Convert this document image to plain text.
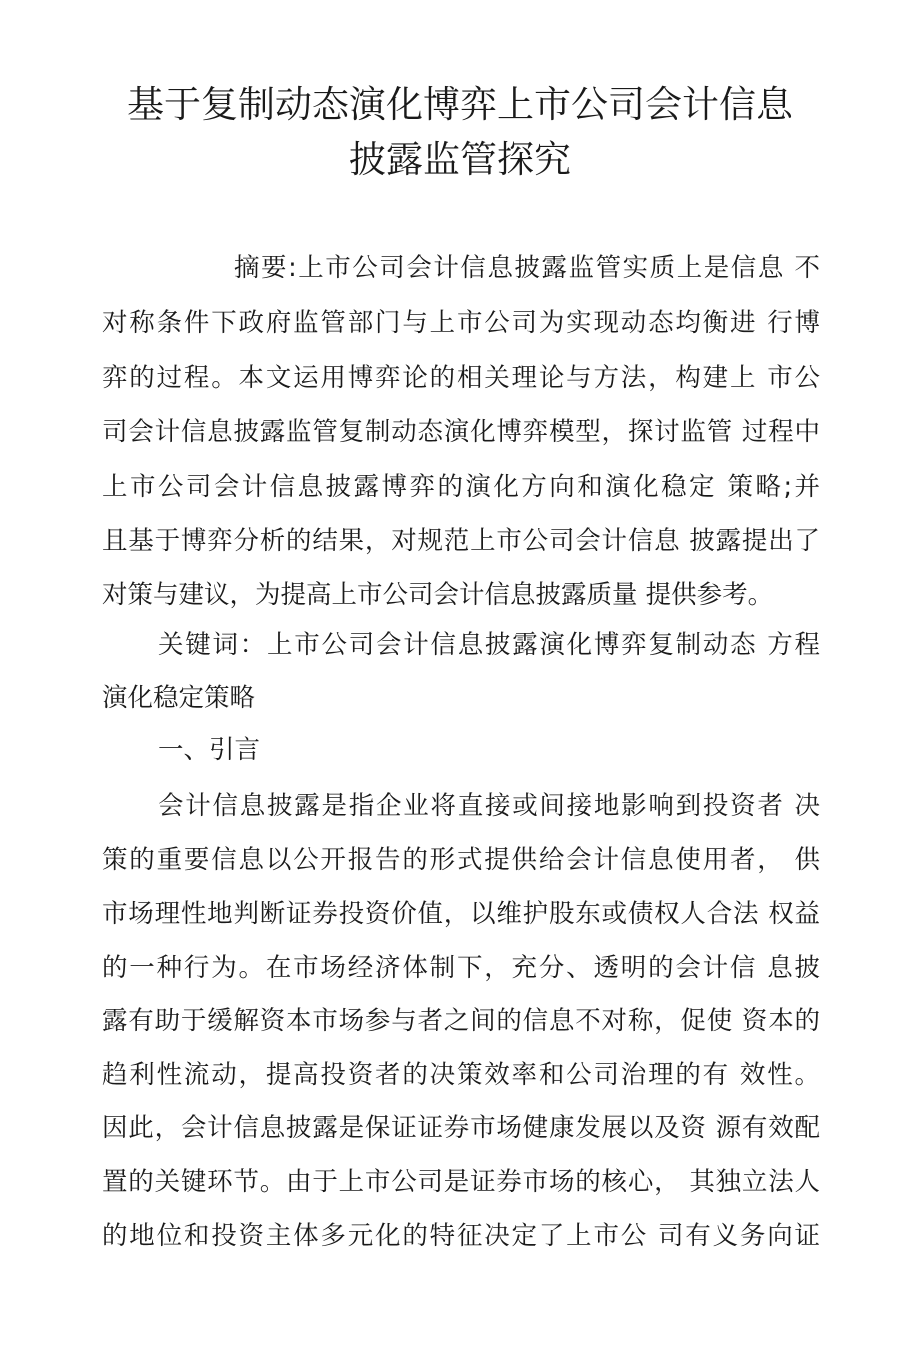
基于复制动态演化博弈上市公司会计信息
披露监管探究
摘要:上市公司会计信息披露监管实质上是信息 不
对称条件下政府监管部门与上市公司为实现动态均衡进 行博
弈的过程。本文运用博弈论的相关理论与方法，构建上 市公
司会计信息披露监管复制动态演化博弈模型，探讨监管 过程中
上市公司会计信息披露博弈的演化方向和演化稳定 策略;并
且基于博弈分析的结果，对规范上市公司会计信息 披露提出了
对策与建议，为提高上市公司会计信息披露质量 提供参考。
关键词：上市公司会计信息披露演化博弈复制动态 方程
演化稳定策略
一、引言
会计信息披露是指企业将直接或间接地影响到投资者 决
策的重要信息以公开报告的形式提供给会计信息使用者， 供
市场理性地判断证券投资价值，以维护股东或债权人合法 权益
的一种行为。在市场经济体制下，充分、透明的会计信 息披
露有助于缓解资本市场参与者之间的信息不对称，促使 资本的
趋利性流动，提高投资者的决策效率和公司治理的有 效性。
因此，会计信息披露是保证证券市场健康发展以及资 源有效配
置的关键环节。由于上市公司是证券市场的核心， 其独立法人
的地位和投资主体多元化的特征决定了上市公 司有义务向证
